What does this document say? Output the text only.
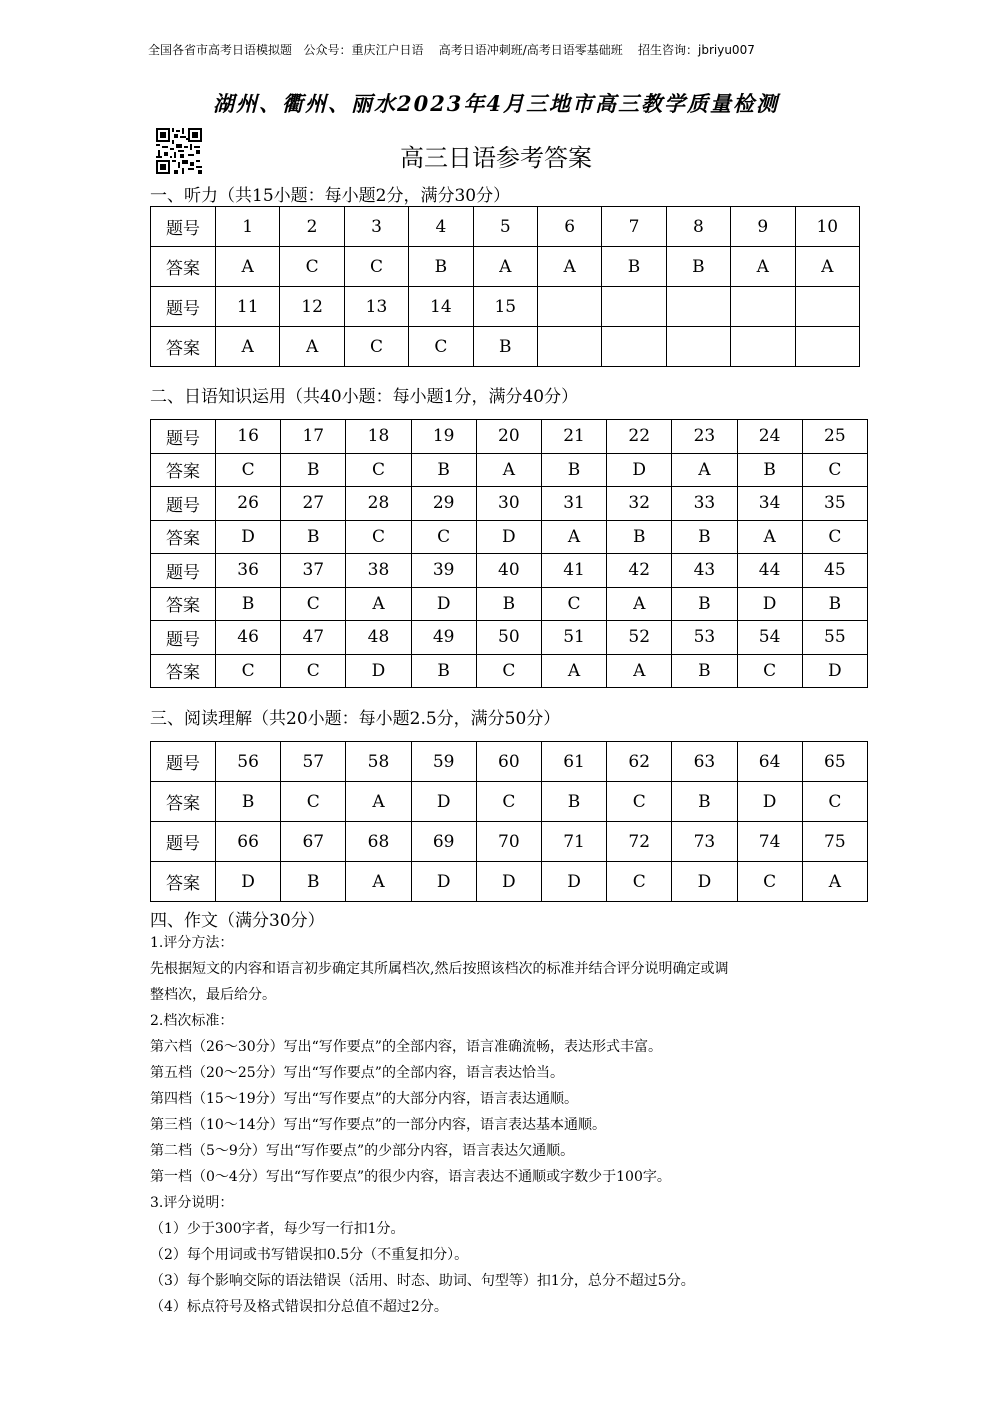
全国各省市高考日语模拟题   公众号：重庆江户日语    高考日语冲刺班/高考日语零基础班    招生咨询：jbriyu007
湖州、衢州、丽水2023年4月三地市高三教学质量检测
高三日语参考答案
一、听力（共15小题：每小题2分，满分30分）
题号	1	2	3	4	5	6	7	8	9	10
答案	A	C	C	B	A	A	B	B	A	A
题号	11	12	13	14	15					
答案	A	A	C	C	B					
二、日语知识运用（共40小题：每小题1分，满分40分）
题号	16	17	18	19	20	21	22	23	24	25
答案	C	B	C	B	A	B	D	A	B	C
题号	26	27	28	29	30	31	32	33	34	35
答案	D	B	C	C	D	A	B	B	A	C
题号	36	37	38	39	40	41	42	43	44	45
答案	B	C	A	D	B	C	A	B	D	B
题号	46	47	48	49	50	51	52	53	54	55
答案	C	C	D	B	C	A	A	B	C	D
三、阅读理解（共20小题：每小题2.5分，满分50分）
题号	56	57	58	59	60	61	62	63	64	65
答案	B	C	A	D	C	B	C	B	D	C
题号	66	67	68	69	70	71	72	73	74	75
答案	D	B	A	D	D	D	C	D	C	A
四、作文（满分30分）

1.评分方法：

先根据短文的内容和语言初步确定其所属档次,然后按照该档次的标准并结合评分说明确定或调

整档次，最后给分。

2.档次标准：

第六档（26～30分）写出“写作要点”的全部内容，语言准确流畅，表达形式丰富。

第五档（20～25分）写出“写作要点”的全部内容，语言表达恰当。

第四档（15～19分）写出“写作要点”的大部分内容，语言表达通顺。

第三档（10～14分）写出“写作要点”的一部分内容，语言表达基本通顺。

第二档（5～9分）写出“写作要点”的少部分内容，语言表达欠通顺。

第一档（0～4分）写出“写作要点”的很少内容，语言表达不通顺或字数少于100字。

3.评分说明：

（1）少于300字者，每少写一行扣1分。

（2）每个用词或书写错误扣0.5分（不重复扣分）。

（3）每个影响交际的语法错误（活用、时态、助词、句型等）扣1分，总分不超过5分。

（4）标点符号及格式错误扣分总值不超过2分。
